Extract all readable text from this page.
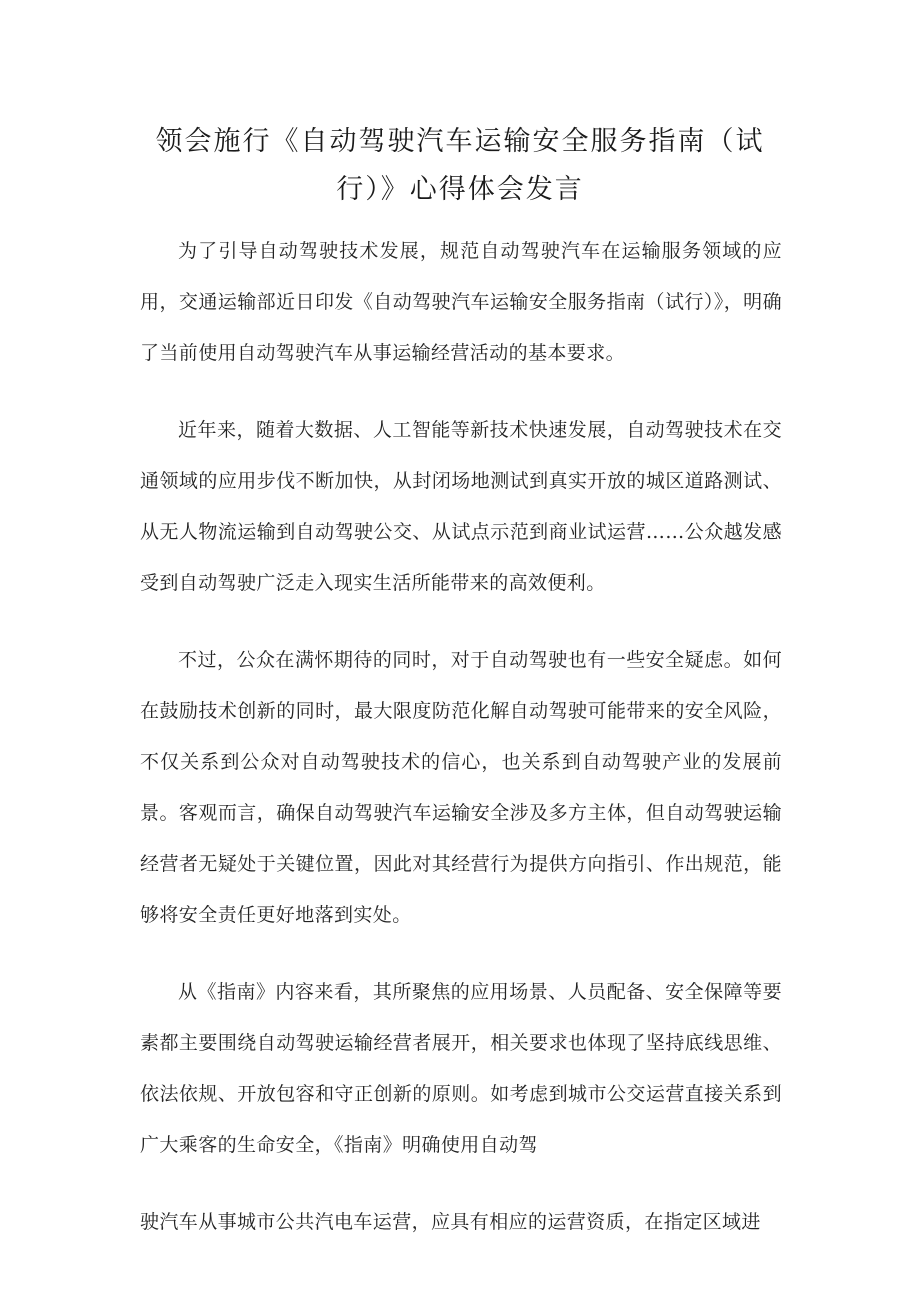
领会施行《自动驾驶汽车运输安全服务指南（试行）》心得体会发言

为了引导自动驾驶技术发展，规范自动驾驶汽车在运输服务领域的应用，交通运输部近日印发《自动驾驶汽车运输安全服务指南（试行）》，明确了当前使用自动驾驶汽车从事运输经营活动的基本要求。

近年来，随着大数据、人工智能等新技术快速发展，自动驾驶技术在交通领域的应用步伐不断加快，从封闭场地测试到真实开放的城区道路测试、从无人物流运输到自动驾驶公交、从试点示范到商业试运营……公众越发感受到自动驾驶广泛走入现实生活所能带来的高效便利。

不过，公众在满怀期待的同时，对于自动驾驶也有一些安全疑虑。如何在鼓励技术创新的同时，最大限度防范化解自动驾驶可能带来的安全风险，不仅关系到公众对自动驾驶技术的信心，也关系到自动驾驶产业的发展前景。客观而言，确保自动驾驶汽车运输安全涉及多方主体，但自动驾驶运输经营者无疑处于关键位置，因此对其经营行为提供方向指引、作出规范，能够将安全责任更好地落到实处。

从《指南》内容来看，其所聚焦的应用场景、人员配备、安全保障等要素都主要围绕自动驾驶运输经营者展开，相关要求也体现了坚持底线思维、依法依规、开放包容和守正创新的原则。如考虑到城市公交运营直接关系到广大乘客的生命安全，《指南》明确使用自动驾

驶汽车从事城市公共汽电车运营，应具有相应的运营资质，在指定区域进
